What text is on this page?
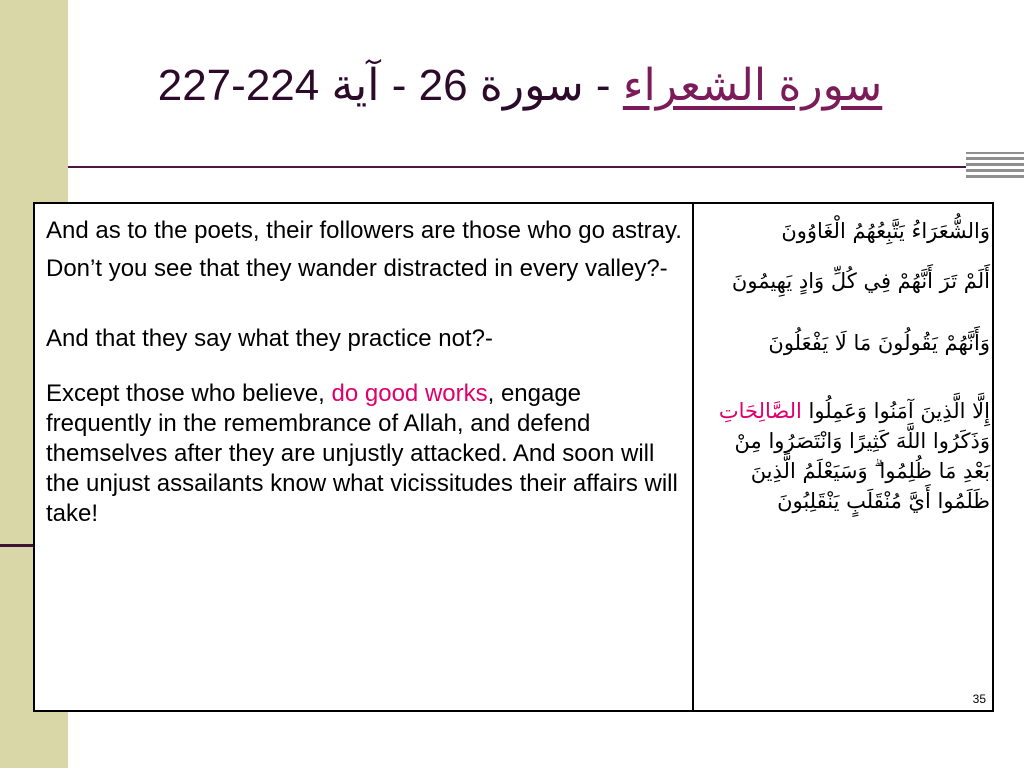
سورة الشعراء - سورة 26 - آية 224-227

And as to the poets, their followers are those who go astray.

Don’t you see that they wander distracted in every valley?-

And that they say what they practice not?-

Except those who believe, do good works, engage frequently in the remembrance of Allah, and defend themselves after they are unjustly attacked. And soon will the unjust assailants know what vicissitudes their affairs will take!

وَالشُّعَرَاءُ يَتَّبِعُهُمُ الْغَاوُونَ

أَلَمْ تَرَ أَنَّهُمْ فِي كُلِّ وَادٍ يَهِيمُونَ

وَأَنَّهُمْ يَقُولُونَ مَا لَا يَفْعَلُونَ

إِلَّا الَّذِينَ آمَنُوا وَعَمِلُوا الصَّالِحَاتِ وَذَكَرُوا اللَّهَ كَثِيرًا وَانْتَصَرُوا مِنْ بَعْدِ مَا ظُلِمُوا ۗ وَسَيَعْلَمُ الَّذِينَ ظَلَمُوا أَيَّ مُنْقَلَبٍ يَنْقَلِبُونَ

35
